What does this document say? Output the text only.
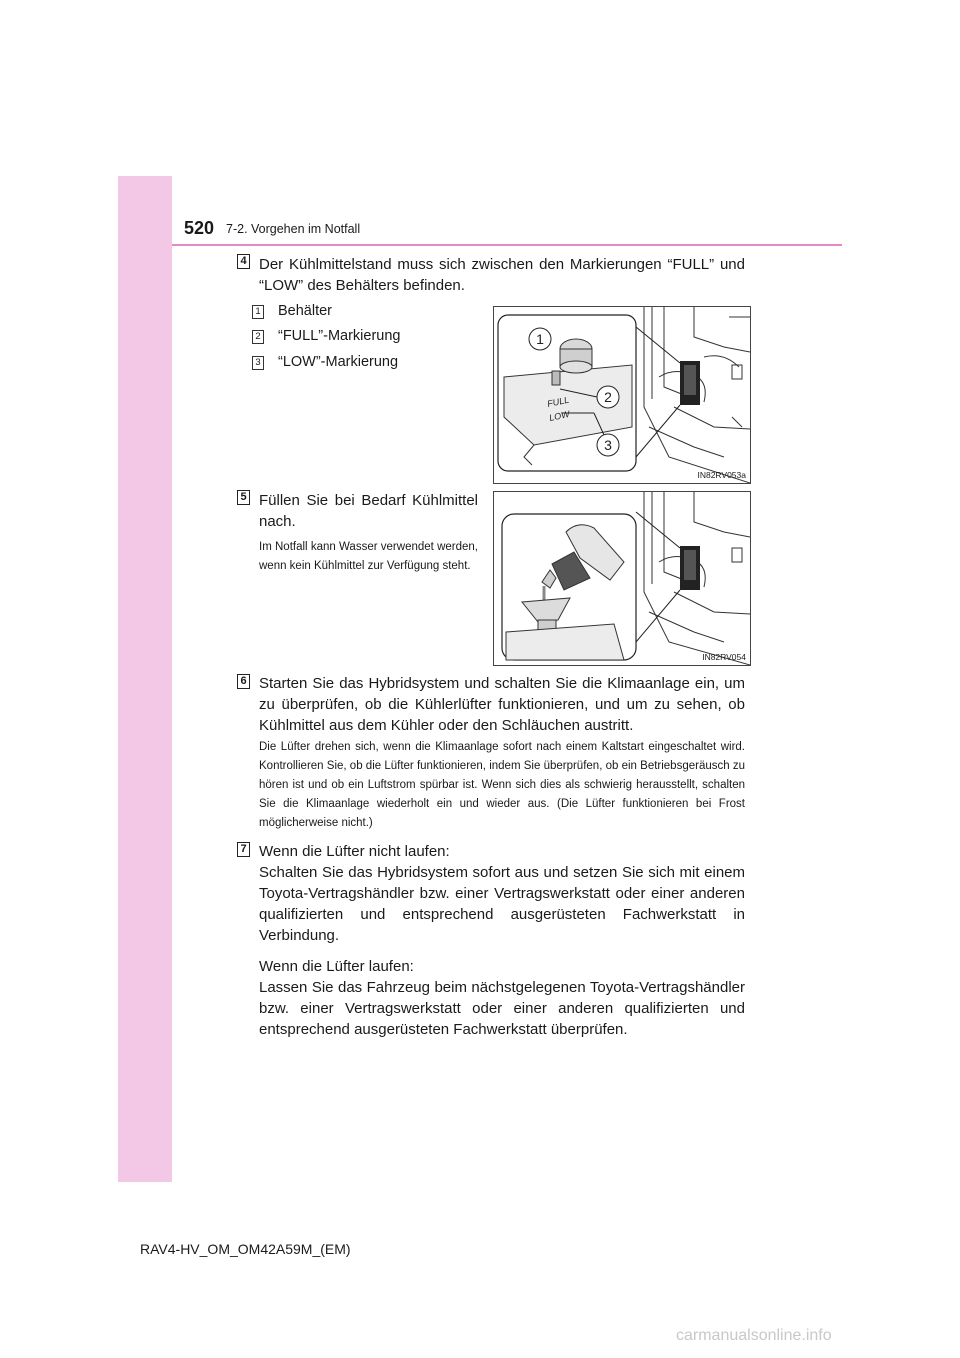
520 7-2. Vorgehen im Notfall
4 Der Kühlmittelstand muss sich zwischen den Markierungen “FULL” und “LOW” des Behälters befinden.
1 Behälter
2 “FULL”-Markierung
3 “LOW”-Markierung
FULL
LOW
1
2
3
IN82RV053a
5 Füllen Sie bei Bedarf Kühlmittel nach.
Im Notfall kann Wasser verwendet werden, wenn kein Kühlmittel zur Verfügung steht.
IN82RV054
6 Starten Sie das Hybridsystem und schalten Sie die Klimaanlage ein, um zu überprüfen, ob die Kühlerlüfter funktionieren, und um zu sehen, ob Kühlmittel aus dem Kühler oder den Schläuchen austritt.
Die Lüfter drehen sich, wenn die Klimaanlage sofort nach einem Kaltstart eingeschaltet wird. Kontrollieren Sie, ob die Lüfter funktionieren, indem Sie überprüfen, ob ein Betriebsgeräusch zu hören ist und ob ein Luftstrom spürbar ist. Wenn sich dies als schwierig herausstellt, schalten Sie die Klimaanlage wiederholt ein und wieder aus. (Die Lüfter funktionieren bei Frost möglicherweise nicht.)
7 Wenn die Lüfter nicht laufen:
Schalten Sie das Hybridsystem sofort aus und setzen Sie sich mit einem Toyota-Vertragshändler bzw. einer Vertragswerkstatt oder einer anderen qualifizierten und entsprechend ausgerüsteten Fachwerkstatt in Verbindung.
Wenn die Lüfter laufen:
Lassen Sie das Fahrzeug beim nächstgelegenen Toyota-Vertragshändler bzw. einer Vertragswerkstatt oder einer anderen qualifizierten und entsprechend ausgerüsteten Fachwerkstatt überprüfen.
RAV4-HV_OM_OM42A59M_(EM)
carmanualsonline.info
